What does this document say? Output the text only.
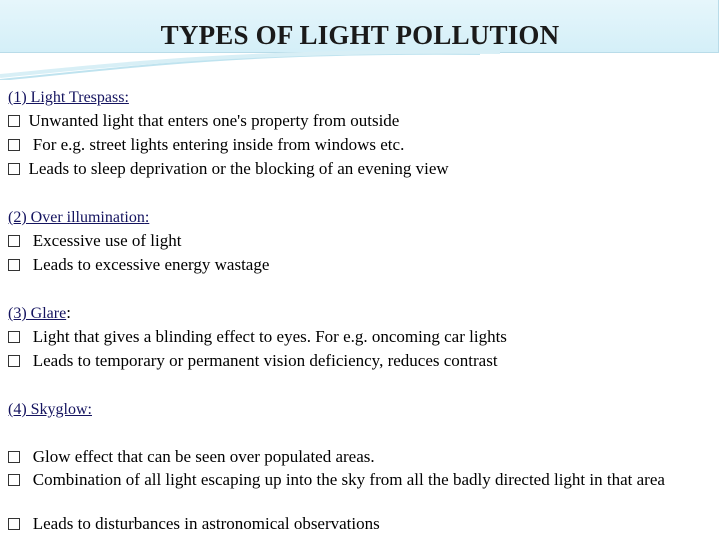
TYPES OF LIGHT POLLUTION
(1) Light Trespass:
Unwanted light that enters one's property from outside
For e.g. street lights entering inside from windows etc.
Leads to sleep deprivation or the blocking of an evening view
(2) Over illumination:
Excessive use of light
Leads to excessive energy wastage
(3) Glare:
Light that gives a blinding effect to eyes. For e.g. oncoming car lights
Leads to temporary or permanent vision deficiency, reduces contrast
(4) Skyglow:
Glow effect that can be seen over populated areas.
Combination of all light escaping up into the sky from all the badly directed light in that area
Leads to disturbances in astronomical observations
